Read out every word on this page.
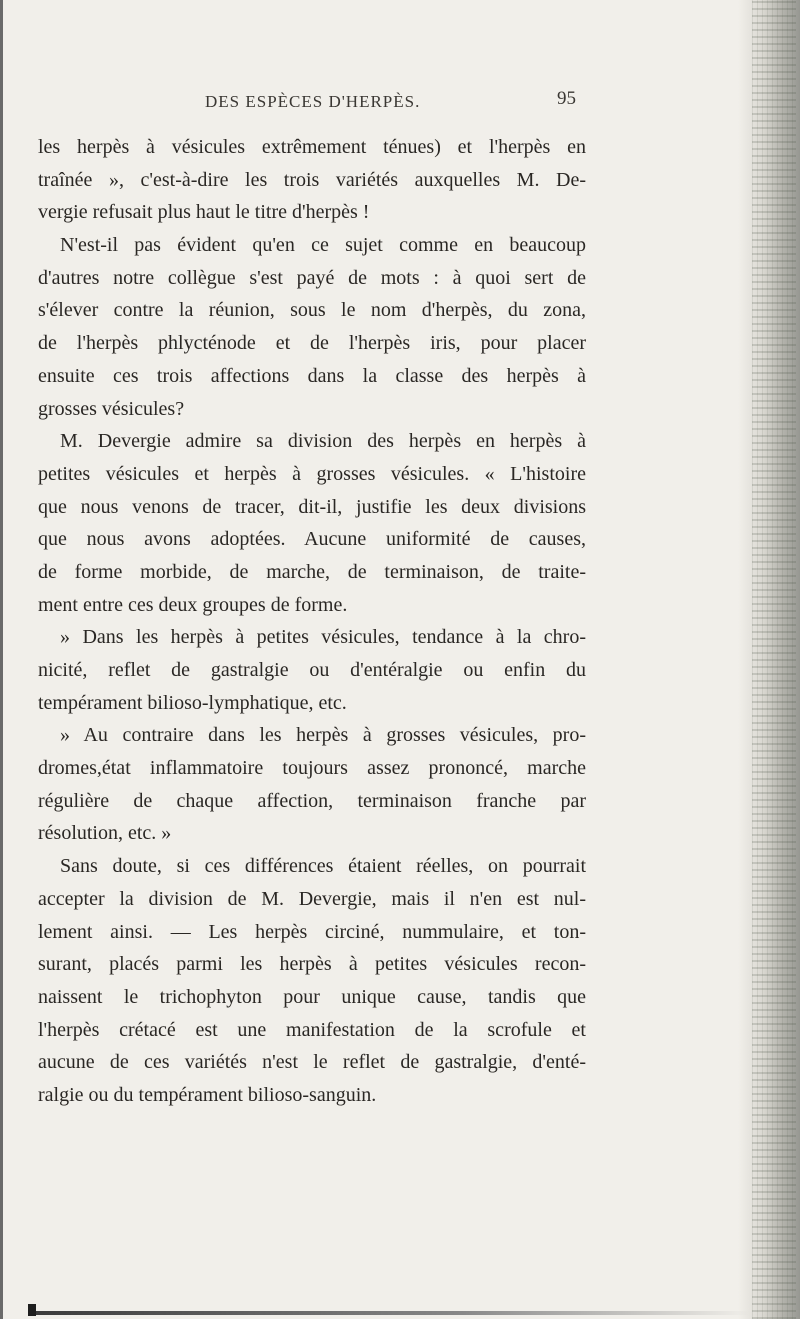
DES ESPÈCES D'HERPÈS.	95
les herpès à vésicules extrêmement ténues) et l'herpès en
traînée », c'est-à-dire les trois variétés auxquelles M. De-
vergie refusait plus haut le titre d'herpès !
N'est-il pas évident qu'en ce sujet comme en beaucoup
d'autres notre collègue s'est payé de mots : à quoi sert de
s'élever contre la réunion, sous le nom d'herpès, du zona,
de l'herpès phlycténode et de l'herpès iris, pour placer
ensuite ces trois affections dans la classe des herpès à
grosses vésicules?
M. Devergie admire sa division des herpès en herpès à
petites vésicules et herpès à grosses vésicules. « L'histoire
que nous venons de tracer, dit-il, justifie les deux divisions
que nous avons adoptées. Aucune uniformité de causes,
de forme morbide, de marche, de terminaison, de traite-
ment entre ces deux groupes de forme.
» Dans les herpès à petites vésicules, tendance à la chro-
nicité, reflet de gastralgie ou d'entéralgie ou enfin du
tempérament bilioso-lymphatique, etc.
» Au contraire dans les herpès à grosses vésicules, pro-
dromes,état inflammatoire toujours assez prononcé, marche
régulière de chaque affection, terminaison franche par
résolution, etc. »
Sans doute, si ces différences étaient réelles, on pourrait
accepter la division de M. Devergie, mais il n'en est nul-
lement ainsi. — Les herpès circiné, nummulaire, et ton-
surant, placés parmi les herpès à petites vésicules recon-
naissent le trichophyton pour unique cause, tandis que
l'herpès crétacé est une manifestation de la scrofule et
aucune de ces variétés n'est le reflet de gastralgie, d'enté-
ralgie ou du tempérament bilioso-sanguin.
